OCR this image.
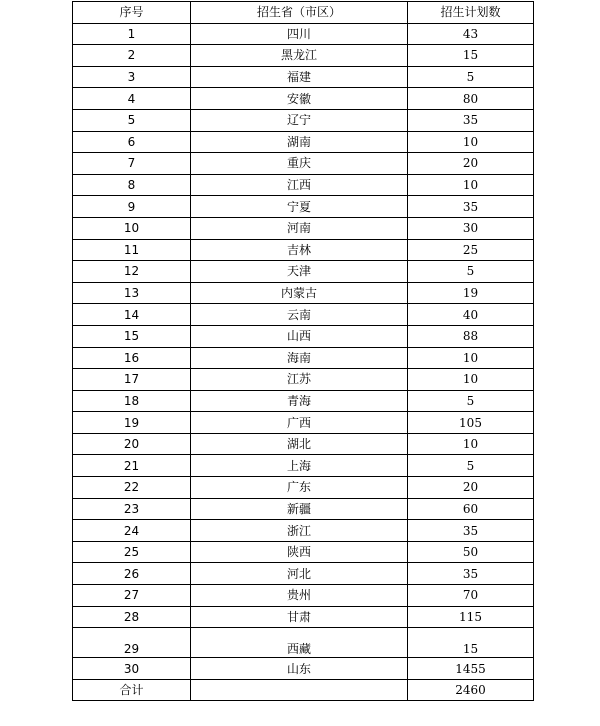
序号	招生省（市区）	招生计划数
1	四川	43
2	黑龙江	15
3	福建	5
4	安徽	80
5	辽宁	35
6	湖南	10
7	重庆	20
8	江西	10
9	宁夏	35
10	河南	30
11	吉林	25
12	天津	5
13	内蒙古	19
14	云南	40
15	山西	88
16	海南	10
17	江苏	10
18	青海	5
19	广西	105
20	湖北	10
21	上海	5
22	广东	20
23	新疆	60
24	浙江	35
25	陕西	50
26	河北	35
27	贵州	70
28	甘肃	115
29	西藏	15
30	山东	1455
合计		2460
